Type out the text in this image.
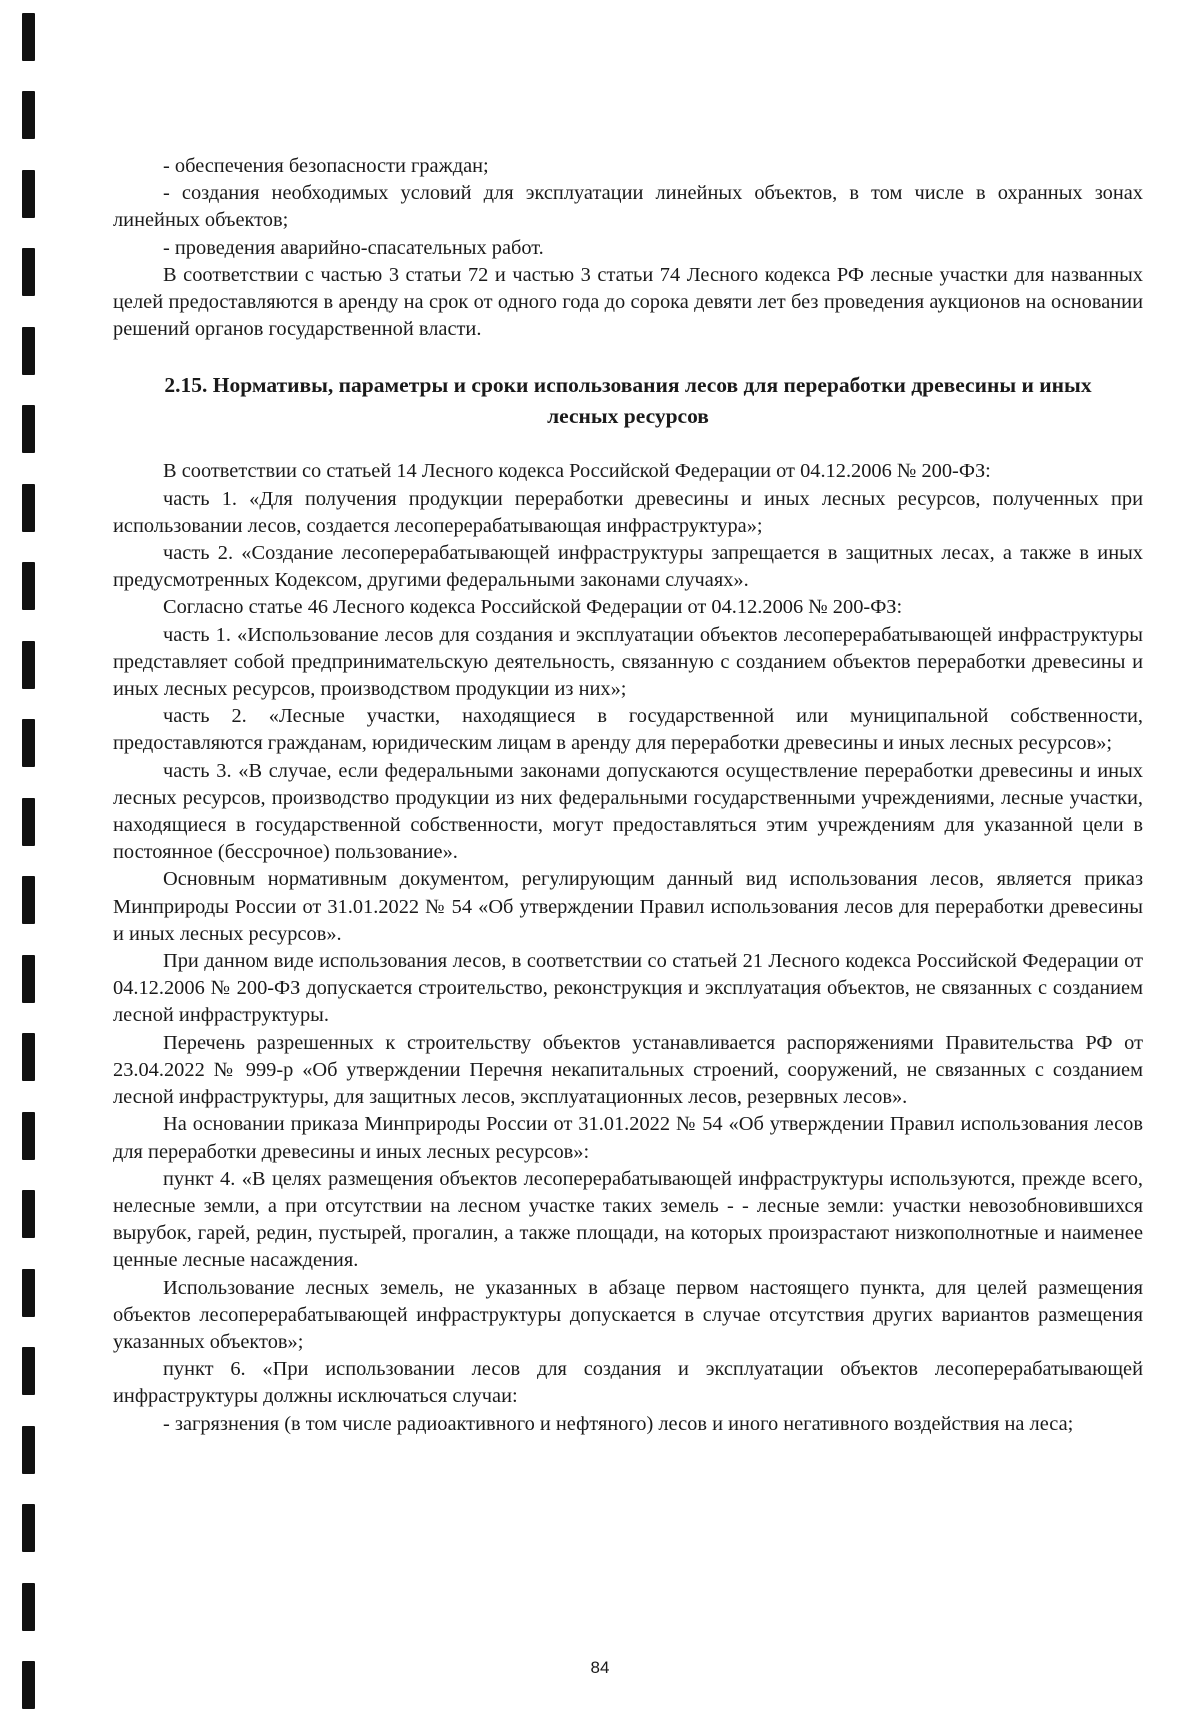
- обеспечения безопасности граждан;

- создания необходимых условий для эксплуатации линейных объектов, в том числе в охранных зонах линейных объектов;

- проведения аварийно-спасательных работ.

В соответствии с частью 3 статьи 72 и частью 3 статьи 74 Лесного кодекса РФ лесные участки для названных целей предоставляются в аренду на срок от одного года до сорока девяти лет без проведения аукционов на основании решений органов государственной власти.

2.15. Нормативы, параметры и сроки использования лесов для переработки древесины и иных лесных ресурсов

В соответствии со статьей 14 Лесного кодекса Российской Федерации от 04.12.2006 № 200-ФЗ:

часть 1. «Для получения продукции переработки древесины и иных лесных ресурсов, полученных при использовании лесов, создается лесоперерабатывающая инфраструктура»;

часть 2. «Создание лесоперерабатывающей инфраструктуры запрещается в защитных лесах, а также в иных предусмотренных Кодексом, другими федеральными законами случаях».

Согласно статье 46 Лесного кодекса Российской Федерации от 04.12.2006 № 200-ФЗ:

часть 1. «Использование лесов для создания и эксплуатации объектов лесоперерабатывающей инфраструктуры представляет собой предпринимательскую деятельность, связанную с созданием объектов переработки древесины и иных лесных ресурсов, производством продукции из них»;

часть 2. «Лесные участки, находящиеся в государственной или муниципальной собственности, предоставляются гражданам, юридическим лицам в аренду для переработки древесины и иных лесных ресурсов»;

часть 3. «В случае, если федеральными законами допускаются осуществление переработки древесины и иных лесных ресурсов, производство продукции из них федеральными государственными учреждениями, лесные участки, находящиеся в государственной собственности, могут предоставляться этим учреждениям для указанной цели в постоянное (бессрочное) пользование».

Основным нормативным документом, регулирующим данный вид использования лесов, является приказ Минприроды России от 31.01.2022 № 54 «Об утверждении Правил использования лесов для переработки древесины и иных лесных ресурсов».

При данном виде использования лесов, в соответствии со статьей 21 Лесного кодекса Российской Федерации от 04.12.2006 № 200-ФЗ допускается строительство, реконструкция и эксплуатация объектов, не связанных с созданием лесной инфраструктуры.

Перечень разрешенных к строительству объектов устанавливается распоряжениями Правительства РФ от 23.04.2022 № 999-р «Об утверждении Перечня некапитальных строений, сооружений, не связанных с созданием лесной инфраструктуры, для защитных лесов, эксплуатационных лесов, резервных лесов».

На основании приказа Минприроды России от 31.01.2022 № 54 «Об утверждении Правил использования лесов для переработки древесины и иных лесных ресурсов»:

пункт 4. «В целях размещения объектов лесоперерабатывающей инфраструктуры используются, прежде всего, нелесные земли, а при отсутствии на лесном участке таких земель - - лесные земли: участки невозобновившихся вырубок, гарей, редин, пустырей, прогалин, а также площади, на которых произрастают низкополнотные и наименее ценные лесные насаждения.

Использование лесных земель, не указанных в абзаце первом настоящего пункта, для целей размещения объектов лесоперерабатывающей инфраструктуры допускается в случае отсутствия других вариантов размещения указанных объектов»;

пункт 6. «При использовании лесов для создания и эксплуатации объектов лесоперерабатывающей инфраструктуры должны исключаться случаи:

- загрязнения (в том числе радиоактивного и нефтяного) лесов и иного негативного воздействия на леса;

84
